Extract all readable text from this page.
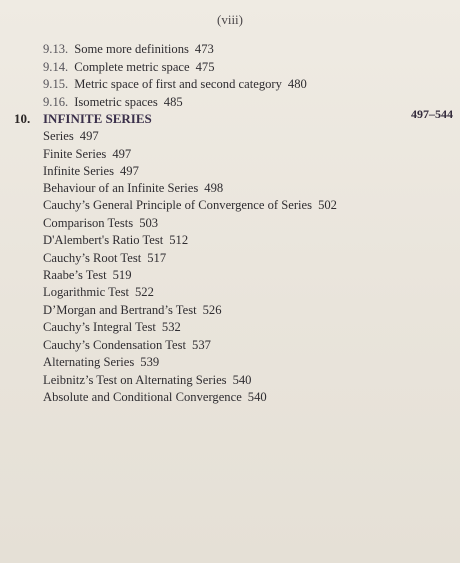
(viii)
9.13. Some more definitions 473
9.14. Complete metric space 475
9.15. Metric space of first and second category 480
9.16. Isometric spaces 485
10. INFINITE SERIES	497–544
Series 497
Finite Series 497
Infinite Series 497
Behaviour of an Infinite Series 498
Cauchy’s General Principle of Convergence of Series 502
Comparison Tests 503
D'Alembert's Ratio Test 512
Cauchy’s Root Test 517
Raabe’s Test 519
Logarithmic Test 522
D’Morgan and Bertrand’s Test 526
Cauchy’s Integral Test 532
Cauchy’s Condensation Test 537
Alternating Series 539
Leibnitz’s Test on Alternating Series 540
Absolute and Conditional Convergence 540
